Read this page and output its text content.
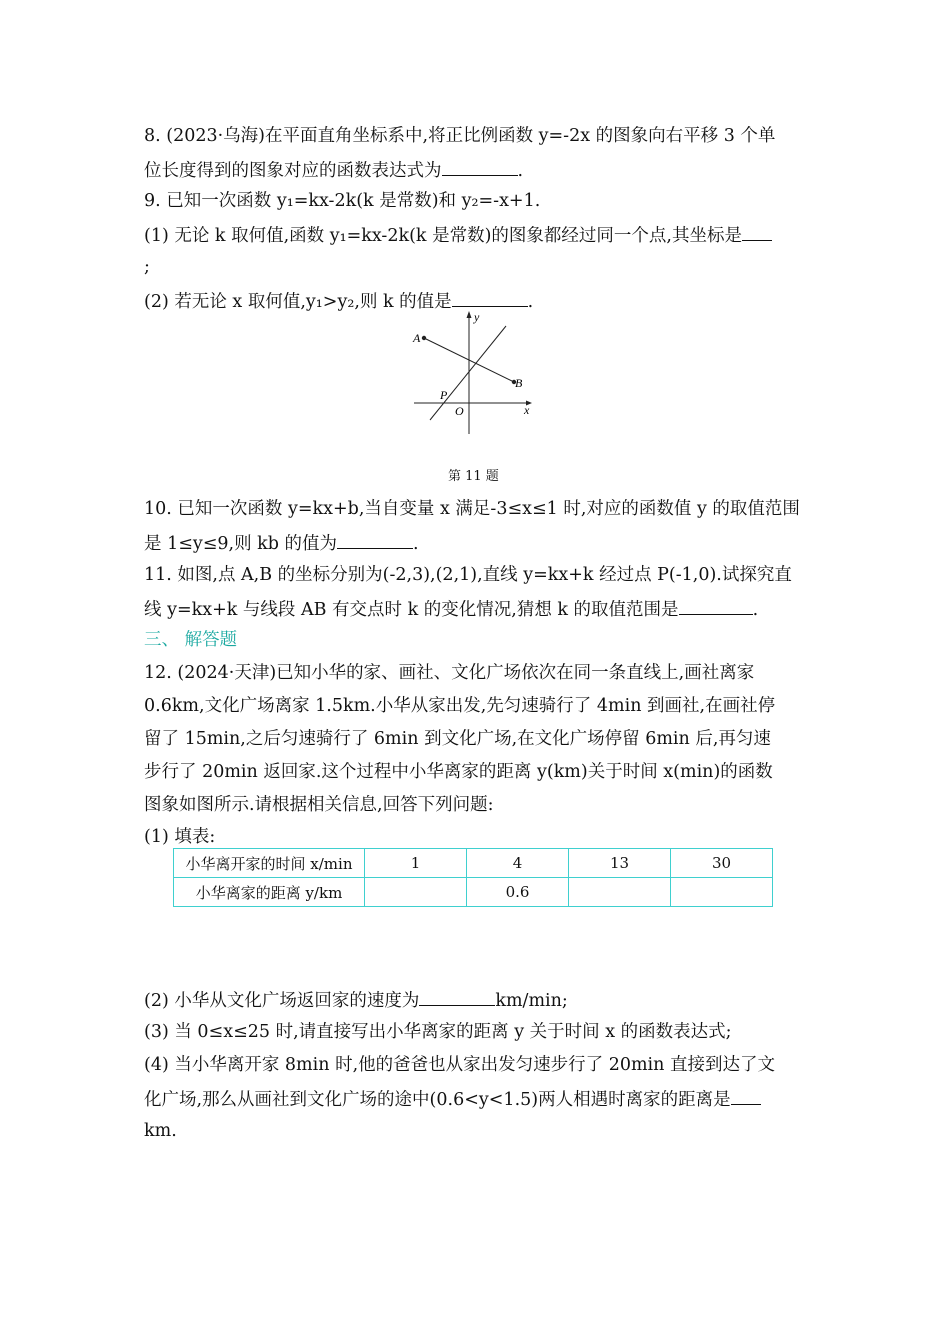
8. (2023·乌海)在平面直角坐标系中,将正比例函数 y=-2x 的图象向右平移 3 个单
位长度得到的图象对应的函数表达式为	.
9. 已知一次函数 y₁=kx-2k(k 是常数)和 y₂=-x+1.
(1) 无论 k 取何值,函数 y₁=kx-2k(k 是常数)的图象都经过同一个点,其坐标是
;
(2) 若无论 x 取何值,y₁>y₂,则 k 的值是	.
y
x
A
B
P
O
第 11 题
10. 已知一次函数 y=kx+b,当自变量 x 满足-3≤x≤1 时,对应的函数值 y 的取值范围
是 1≤y≤9,则 kb 的值为	.
11. 如图,点 A,B 的坐标分别为(-2,3),(2,1),直线 y=kx+k 经过点 P(-1,0).试探究直
线 y=kx+k 与线段 AB 有交点时 k 的变化情况,猜想 k 的取值范围是	.
三、 解答题
12. (2024·天津)已知小华的家、画社、文化广场依次在同一条直线上,画社离家
0.6km,文化广场离家 1.5km.小华从家出发,先匀速骑行了 4min 到画社,在画社停
留了 15min,之后匀速骑行了 6min 到文化广场,在文化广场停留 6min 后,再匀速
步行了 20min 返回家.这个过程中小华离家的距离 y(km)关于时间 x(min)的函数
图象如图所示.请根据相关信息,回答下列问题:
(1) 填表:
小华离开家的时间 x/min	1	4	13	30
小华离家的距离 y/km		0.6		
(2) 小华从文化广场返回家的速度为	km/min;
(3) 当 0≤x≤25 时,请直接写出小华离家的距离 y 关于时间 x 的函数表达式;
(4) 当小华离开家 8min 时,他的爸爸也从家出发匀速步行了 20min 直接到达了文
化广场,那么从画社到文化广场的途中(0.6<y<1.5)两人相遇时离家的距离是
km.
